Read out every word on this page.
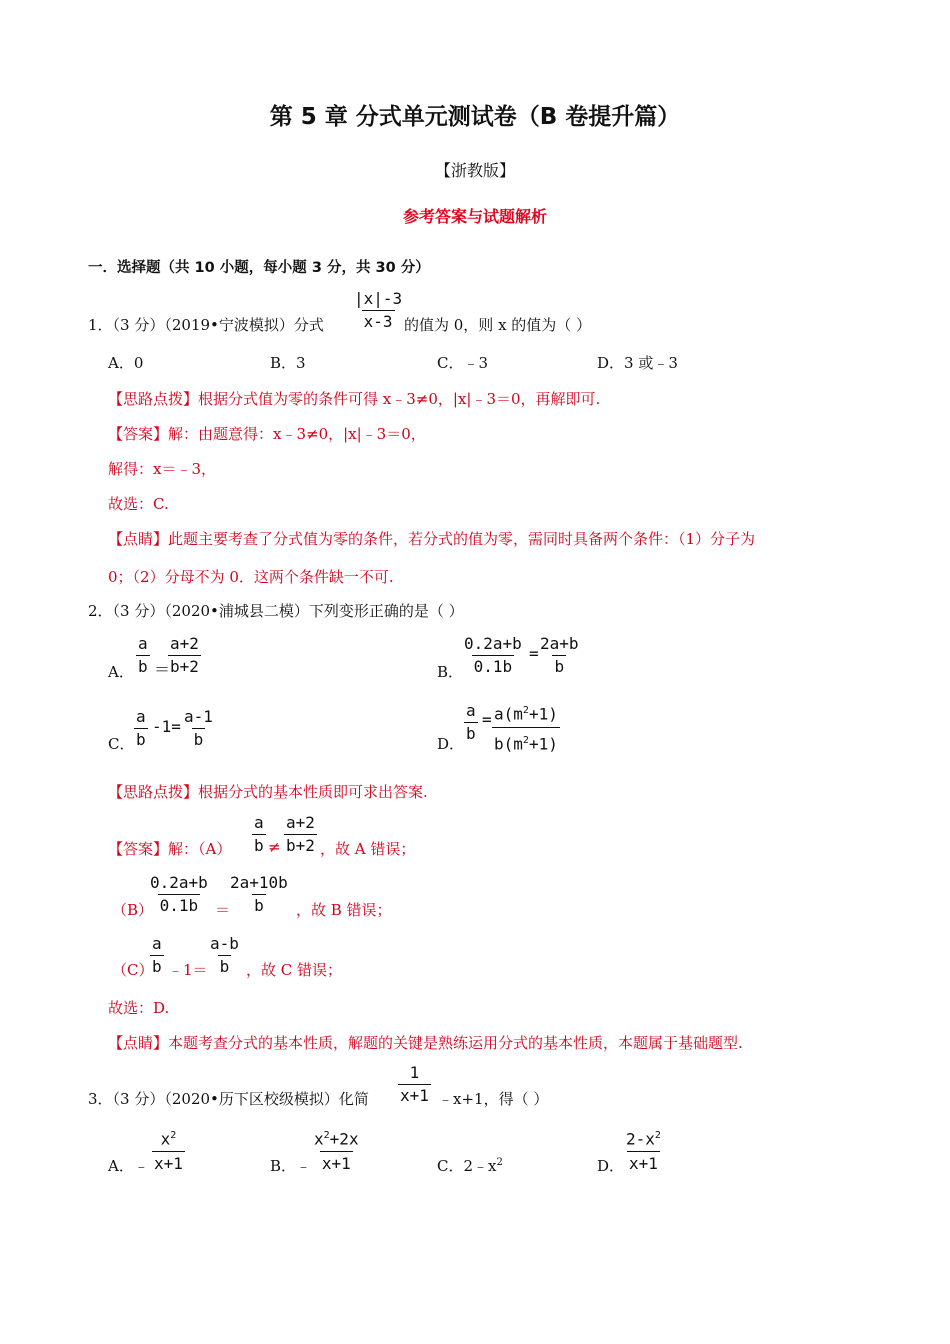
第 5 章 分式单元测试卷（B 卷提升篇）
【浙教版】
参考答案与试题解析
一．选择题（共 10 小题，每小题 3 分，共 30 分）
1．（3 分）（2019•宁波模拟）分式 $\frac{|x|-3}{x-3}$ 的值为 0，则 x 的值为（ ）
A．0	B．3	C．﹣3	D．3 或﹣3
【思路点拨】根据分式值为零的条件可得 x﹣3≠0，|x|﹣3＝0，再解即可.
【答案】解：由题意得：x﹣3≠0，|x|﹣3＝0，
解得：x＝﹣3，
故选：C.
【点睛】此题主要考查了分式值为零的条件，若分式的值为零，需同时具备两个条件：（1）分子为
0；（2）分母不为 0．这两个条件缺一不可.
2．（3 分）（2020•浦城县二模）下列变形正确的是（ ）
A． $\frac{a}{b}$ ＝
$\frac{a+2}{b+2}$	B．
$\frac{0.2a+b}{0.1b} = \frac{2a+b}{b}$
C． $\frac{a}{b} -1= \frac{a-1}{b}$	D． $\frac{a}{b} = \frac{a(m^2+1)}{b(m^2+1)}$
【思路点拨】根据分式的基本性质即可求出答案.
【答案】解：$(A) \frac{a}{b} \ne \frac{a+2}{b+2}$ ，故 A 错误；
（B）
$\frac{0.2a+b}{0.1b}$ ＝
$\frac{2a+10b}{b}$ ，故 B 错误；
（C）
$\frac{a}{b}$ ﹣1＝ $\frac{a-b}{b}$ ，故 C 错误；
故选：D.
【点睛】本题考查分式的基本性质，解题的关键是熟练运用分式的基本性质，本题属于基础题型.
3．（3 分）（2020•历下区校级模拟）化简 $\frac{1}{x+1}$ ﹣x+1，得（ ）
A．﹣ $\frac{x^2}{x+1}$	B．﹣ $\frac{x^2+2x}{x+1}$	C．$2﹣x^2$	D． $\frac{2-x^2}{x+1}$
